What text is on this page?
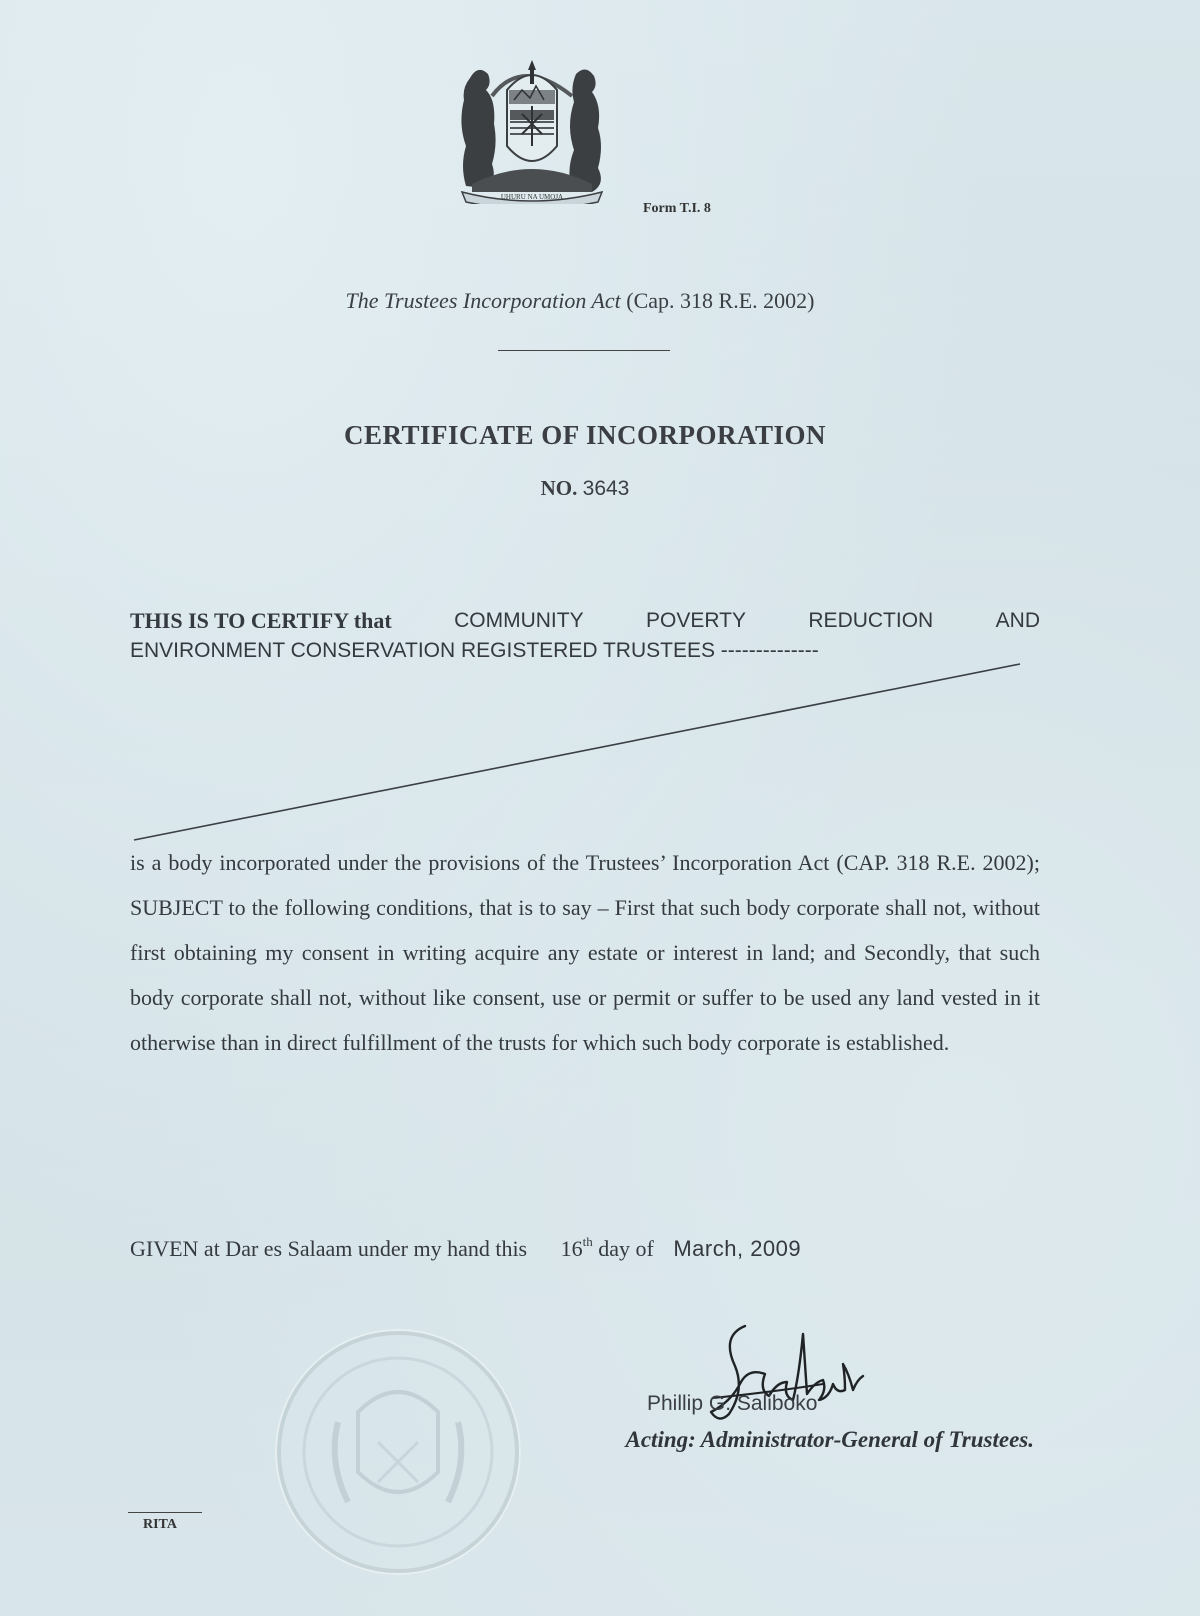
UHURU NA UMOJA
Form T.I. 8
The Trustees Incorporation Act (Cap. 318 R.E. 2002)
CERTIFICATE OF INCORPORATION
NO. 3643
THIS IS TO CERTIFY that	COMMUNITY	POVERTY	REDUCTION	AND
ENVIRONMENT CONSERVATION REGISTERED TRUSTEES --------------
is a body incorporated under the provisions of the Trustees’ Incorporation Act (CAP. 318 R.E. 2002); SUBJECT to the following conditions, that is to say – First that such body corporate shall not, without first obtaining my consent in writing acquire any estate or interest in land; and Secondly, that such body corporate shall not, without like consent, use or permit or suffer to be used any land vested in it otherwise than in direct fulfillment of the trusts for which such body corporate is established.
GIVEN at Dar es Salaam under my hand this 16th day of March, 2009
Phillip G. Saliboko
Acting: Administrator-General of Trustees.
RITA
